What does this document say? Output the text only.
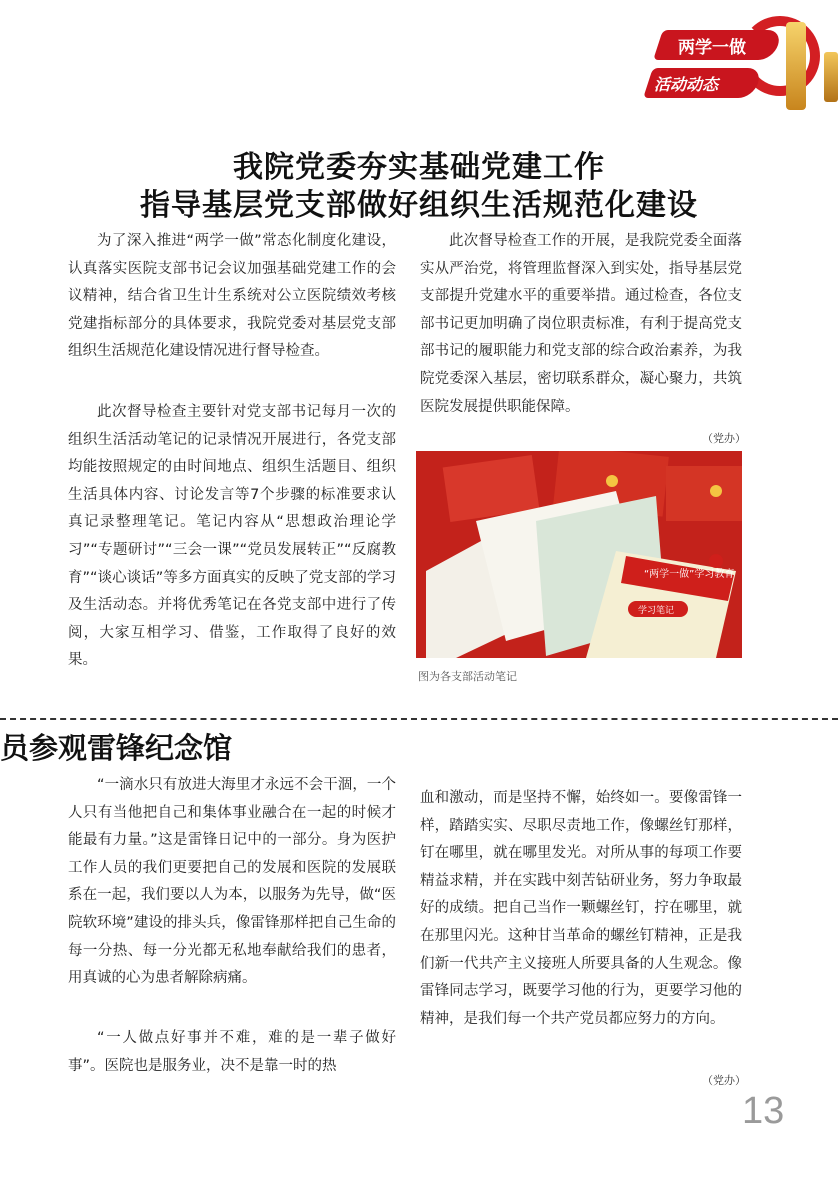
两学一做
活动动态
我院党委夯实基础党建工作
指导基层党支部做好组织生活规范化建设

为了深入推进“两学一做”常态化制度化建设，认真落实医院支部书记会议加强基础党建工作的会议精神，结合省卫生计生系统对公立医院绩效考核党建指标部分的具体要求，我院党委对基层党支部组织生活规范化建设情况进行督导检查。

此次督导检查主要针对党支部书记每月一次的组织生活活动笔记的记录情况开展进行，各党支部均能按照规定的由时间地点、组织生活题目、组织生活具体内容、讨论发言等7个步骤的标准要求认真记录整理笔记。笔记内容从“思想政治理论学习”“专题研讨”“三会一课”“党员发展转正”“反腐教育”“谈心谈话”等多方面真实的反映了党支部的学习及生活动态。并将优秀笔记在各党支部中进行了传阅，大家互相学习、借鉴，工作取得了良好的效果。

此次督导检查工作的开展，是我院党委全面落实从严治党，将管理监督深入到实处，指导基层党支部提升党建水平的重要举措。通过检查，各位支部书记更加明确了岗位职责标准，有利于提高党支部书记的履职能力和党支部的综合政治素养，为我院党委深入基层，密切联系群众，凝心聚力，共筑医院发展提供职能保障。

（党办）
“两学一做”学习教育
学习笔记
图为各支部活动笔记
员参观雷锋纪念馆

“一滴水只有放进大海里才永远不会干涸，一个人只有当他把自己和集体事业融合在一起的时候才能最有力量。”这是雷锋日记中的一部分。身为医护工作人员的我们更要把自己的发展和医院的发展联系在一起，我们要以人为本，以服务为先导，做“医院软环境”建设的排头兵，像雷锋那样把自己生命的每一分热、每一分光都无私地奉献给我们的患者，用真诚的心为患者解除病痛。

“一人做点好事并不难，难的是一辈子做好事”。医院也是服务业，决不是靠一时的热

血和激动，而是坚持不懈，始终如一。要像雷锋一样，踏踏实实、尽职尽责地工作，像螺丝钉那样，钉在哪里，就在哪里发光。对所从事的每项工作要精益求精，并在实践中刻苦钻研业务，努力争取最好的成绩。把自己当作一颗螺丝钉，拧在哪里，就在那里闪光。这种甘当革命的螺丝钉精神，正是我们新一代共产主义接班人所要具备的人生观念。像雷锋同志学习，既要学习他的行为，更要学习他的精神，是我们每一个共产党员都应努力的方向。

（党办）
13
